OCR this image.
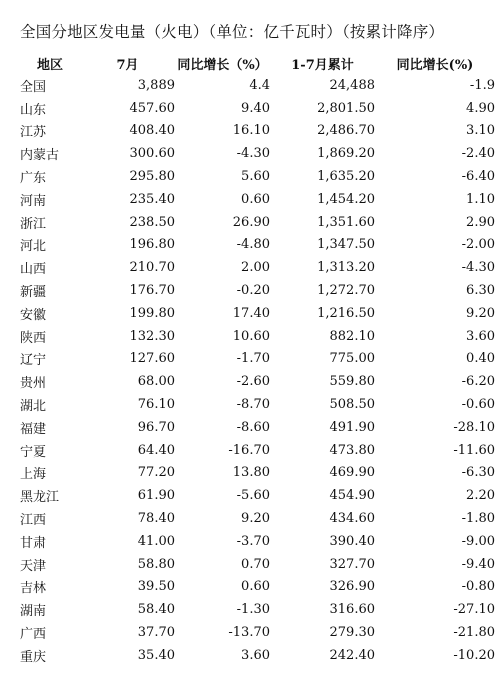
全国分地区发电量（火电）（单位：亿千瓦时）（按累计降序）
地区	7月	同比增长（%）	1-7月累计	同比增长(%)
全国	3,889	4.4	24,488	-1.9
山东	457.60	9.40	2,801.50	4.90
江苏	408.40	16.10	2,486.70	3.10
内蒙古	300.60	-4.30	1,869.20	-2.40
广东	295.80	5.60	1,635.20	-6.40
河南	235.40	0.60	1,454.20	1.10
浙江	238.50	26.90	1,351.60	2.90
河北	196.80	-4.80	1,347.50	-2.00
山西	210.70	2.00	1,313.20	-4.30
新疆	176.70	-0.20	1,272.70	6.30
安徽	199.80	17.40	1,216.50	9.20
陕西	132.30	10.60	882.10	3.60
辽宁	127.60	-1.70	775.00	0.40
贵州	68.00	-2.60	559.80	-6.20
湖北	76.10	-8.70	508.50	-0.60
福建	96.70	-8.60	491.90	-28.10
宁夏	64.40	-16.70	473.80	-11.60
上海	77.20	13.80	469.90	-6.30
黑龙江	61.90	-5.60	454.90	2.20
江西	78.40	9.20	434.60	-1.80
甘肃	41.00	-3.70	390.40	-9.00
天津	58.80	0.70	327.70	-9.40
吉林	39.50	0.60	326.90	-0.80
湖南	58.40	-1.30	316.60	-27.10
广西	37.70	-13.70	279.30	-21.80
重庆	35.40	3.60	242.40	-10.20
